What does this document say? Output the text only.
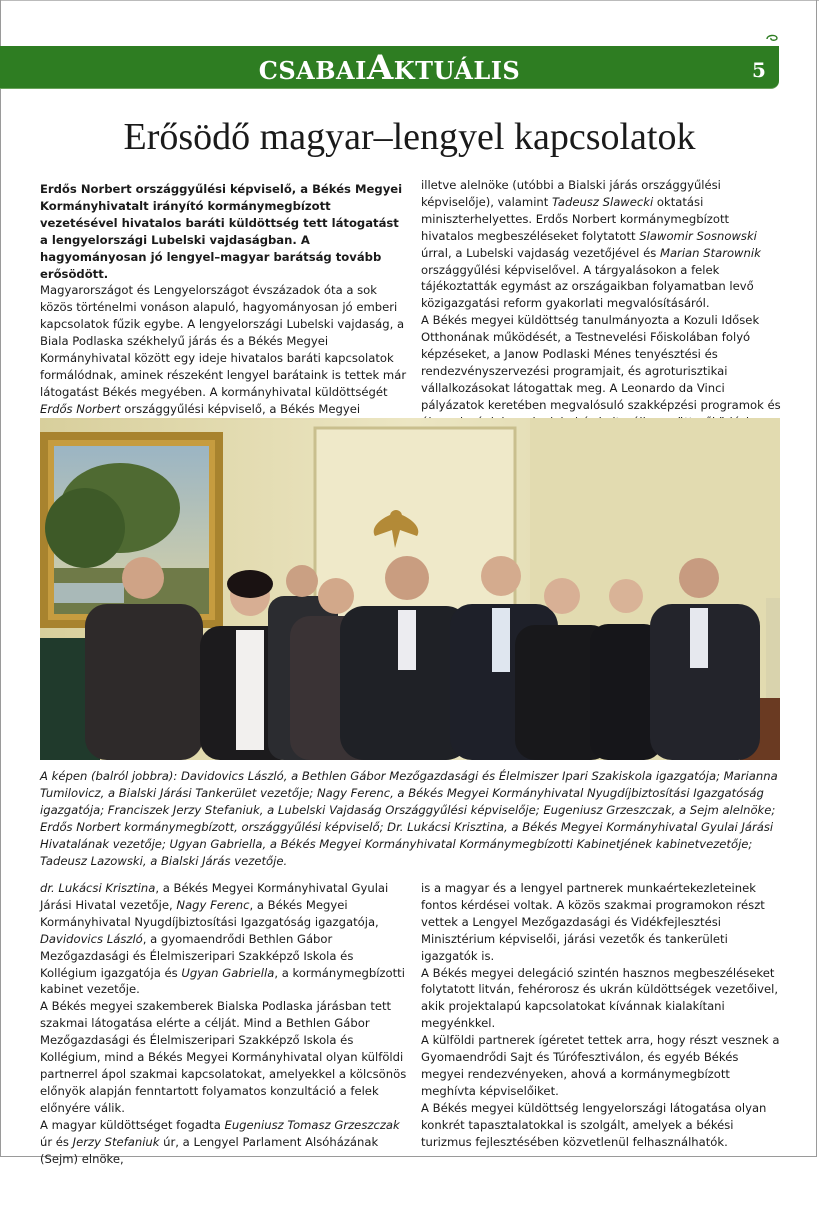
CSABAIAKTUÁLIS	5
Erősödő magyar–lengyel kapcsolatok

Erdős Norbert országgyűlési képviselő, a Békés Megyei Kormányhivatalt irányító kormánymegbízott vezetésével hivatalos baráti küldöttség tett látogatást a lengyelországi Lubelski vajdaságban. A hagyományosan jó lengyel–magyar barátság tovább erősödött.

Magyarországot és Lengyelországot évszázadok óta a sok közös történelmi vonáson alapuló, hagyományosan jó emberi kapcsolatok fűzik egybe. A lengyelországi Lubelski vajdaság, a Biala Podlaska székhelyű járás és a Békés Megyei Kormányhivatal között egy ideje hivatalos baráti kapcsolatok formálódnak, aminek részeként lengyel barátaink is tettek már látogatást Békés megyében. A kormányhivatal küldöttségét Erdős Norbert országgyűlési képviselő, a Békés Megyei

illetve alelnöke (utóbbi a Bialski járás országgyűlési képviselője), valamint Tadeusz Slawecki oktatási miniszterhelyettes. Erdős Norbert kormánymegbízott hivatalos megbeszéléseket folytatott Slawomir Sosnowski úrral, a Lubelski vajdaság vezetőjével és Marian Starownik országgyűlési képviselővel. A tárgyalásokon a felek tájékoztatták egymást az országaikban folyamatban levő közigazgatási reform gyakorlati megvalósításáról.

A Békés megyei küldöttség tanulmányozta a Kozuli Idősek Otthonának működését, a Testnevelési Főiskolában folyó képzéseket, a Janow Podlaski Ménes tenyésztési és rendezvényszervezési programjait, és agroturisztikai vállalkozásokat látogattak meg. A Leonardo da Vinci pályázatok keretében megvalósuló szakképzési programok és

A képen (balról jobbra): Davidovics László, a Bethlen Gábor Mezőgazdasági és Élelmiszer Ipari Szakiskola igazgatója; Marianna Tumilovicz, a Bialski Járási Tankerület vezetője; Nagy Ferenc, a Békés Megyei Kormányhivatal Nyugdíjbiztosítási Igazgatóság igazgatója; Franciszek Jerzy Stefaniuk, a Lubelski Vajdaság Országgyűlési képviselője; Eugeniusz Grzeszczak, a Sejm alelnöke; Erdős Norbert kormánymegbízott, országgyűlési képviselő; Dr. Lukácsi Krisztina, a Békés Megyei Kormányhivatal Gyulai Járási Hivatalának vezetője; Ugyan Gabriella, a Békés Megyei Kormányhivatal Kormánymegbízotti Kabinetjének kabinetvezetője; Tadeusz Lazowski, a Bialski Járás vezetője.

dr. Lukácsi Krisztina, a Békés Megyei Kormányhivatal Gyulai Járási Hivatal vezetője, Nagy Ferenc, a Békés Megyei Kormányhivatal Nyugdíjbiztosítási Igazgatóság igazgatója, Davidovics László, a gyomaendrődi Bethlen Gábor Mezőgazdasági és Élelmiszeripari Szakképző Iskola és Kollégium igazgatója és Ugyan Gabriella, a kormánymegbízotti kabinet vezetője.

A Békés megyei szakemberek Bialska Podlaska járásban tett szakmai látogatása elérte a célját. Mind a Bethlen Gábor Mezőgazdasági és Élelmiszeripari Szakképző Iskola és Kollégium, mind a Békés Megyei Kormányhivatal olyan külföldi partnerrel ápol szakmai kapcsolatokat, amelyekkel a kölcsönös előnyök alapján fenntartott folyamatos konzultáció a felek előnyére válik.

A magyar küldöttséget fogadta Eugeniusz Tomasz Grzeszczak úr és Jerzy Stefaniuk úr, a Lengyel Parlament Alsóházának (Sejm) elnöke,

is a magyar és a lengyel partnerek munkaértekezleteinek fontos kérdései voltak. A közös szakmai programokon részt vettek a Lengyel Mezőgazdasági és Vidékfejlesztési Minisztérium képviselői, járási vezetők és tankerületi igazgatók is.

A Békés megyei delegáció szintén hasznos megbeszéléseket folytatott litván, fehérorosz és ukrán küldöttségek vezetőivel, akik projektalapú kapcsolatokat kívánnak kialakítani megyénkkel.

A külföldi partnerek ígéretet tettek arra, hogy részt vesznek a Gyomaendrődi Sajt és Túrófesztiválon, és egyéb Békés megyei rendezvényeken, ahová a kormánymegbízott meghívta képviselőiket.

A Békés megyei küldöttség lengyelországi látogatása olyan konkrét tapasztalatokkal is szolgált, amelyek a békési turizmus fejlesztésében közvetlenül felhasználhatók.
